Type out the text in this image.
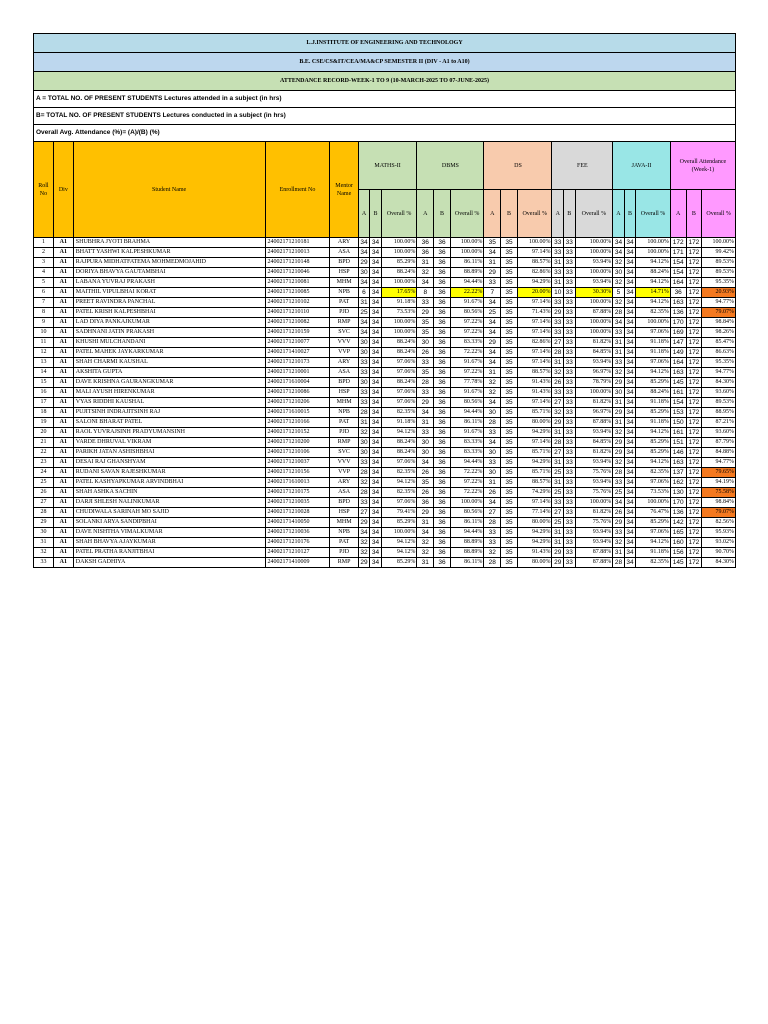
L.J.INSTITUTE OF ENGINEERING AND TECHNOLOGY
B.E. CSE/CS&IT/CEA/MA&CP SEMESTER II (DIV - A1 to A10)
ATTENDANCE RECORD-WEEK-1 TO 9 (10-MARCH-2025 TO 07-JUNE-2025)
A = TOTAL NO. OF PRESENT STUDENTS Lectures attended in a subject (in hrs)
B= TOTAL NO. OF PRESENT STUDENTS Lectures conducted in a subject (in hrs)
Overall Avg. Attendance (%)= (A)/(B) (%)
Roll No	Div	Student Name	Enrollment No	Mentor Name	MATHS-II			DBMS			DS			FEE			JAVA-II			Overall Attendance (Week-1)		
					A	B	Overall %	A	B	Overall %	A	B	Overall %	A	B	Overall %	A	B	Overall %	A	B	Overall %
1	A1	SHUBHRA JYOTI BRAHMA	24002171210181	ARY	34	34	100.00%	36	36	100.00%	35	35	100.00%	33	33	100.00%	34	34	100.00%	172	172	100.00%
2	A1	BHATT YASHWI KALPESHKUMAR	24002171210013	ASA	34	34	100.00%	36	36	100.00%	34	35	97.14%	33	33	100.00%	34	34	100.00%	171	172	99.42%
3	A1	RAJPURA MIDHATFATEMA MOHMEDMOJAHID	24002171210148	BPD	29	34	85.29%	31	36	86.11%	31	35	88.57%	31	33	93.94%	32	34	94.12%	154	172	89.53%
4	A1	DORIYA BHAVYA GAUTAMBHAI	24002171210046	HSP	30	34	88.24%	32	36	88.89%	29	35	82.86%	33	33	100.00%	30	34	88.24%	154	172	89.53%
5	A1	LABANA YUVRAJ PRAKASH	24002171210081	MHM	34	34	100.00%	34	36	94.44%	33	35	94.29%	31	33	93.94%	32	34	94.12%	164	172	95.35%
6	A1	MAITHIL VIPULBHAI KORAT	24002171210085	NPB	6	34	17.65%	8	36	22.22%	7	35	20.00%	10	33	30.30%	5	34	14.71%	36	172	20.93%
7	A1	PREET RAVINDRA PANCHAL	24002171210102	PAT	31	34	91.18%	33	36	91.67%	34	35	97.14%	33	33	100.00%	32	34	94.12%	163	172	94.77%
8	A1	PATEL KRISH KALPESHBHAI	24002171210110	PJD	25	34	73.53%	29	36	80.56%	25	35	71.43%	29	33	87.88%	28	34	82.35%	136	172	79.07%
9	A1	LAD DIYA PANKAJKUMAR	24002171210082	RMP	34	34	100.00%	35	36	97.22%	34	35	97.14%	33	33	100.00%	34	34	100.00%	170	172	98.84%
10	A1	SADHNANI JATIN PRAKASH	24002171210159	SVC	34	34	100.00%	35	36	97.22%	34	35	97.14%	33	33	100.00%	33	34	97.06%	169	172	98.26%
11	A1	KHUSHI MULCHANDANI	24002171210077	VVV	30	34	88.24%	30	36	83.33%	29	35	82.86%	27	33	81.82%	31	34	91.18%	147	172	85.47%
12	A1	PATEL MAHEK JAYKARKUMAR	24002171410027	VVP	30	34	88.24%	26	36	72.22%	34	35	97.14%	28	33	84.85%	31	34	91.18%	149	172	86.63%
13	A1	SHAH CHARMI KAUSHAL	24002171210173	ARY	33	34	97.06%	33	36	91.67%	34	35	97.14%	31	33	93.94%	33	34	97.06%	164	172	95.35%
14	A1	AKSHITA GUPTA	24002171210001	ASA	33	34	97.06%	35	36	97.22%	31	35	88.57%	32	33	96.97%	32	34	94.12%	163	172	94.77%
15	A1	DAVE KRISHNA GAURANGKUMAR	24002171610004	BPD	30	34	88.24%	28	36	77.78%	32	35	91.43%	26	33	78.79%	29	34	85.29%	145	172	84.30%
16	A1	MALI AYUSH HIRENKUMAR	24002171210086	HSP	33	34	97.06%	33	36	91.67%	32	35	91.43%	33	33	100.00%	30	34	88.24%	161	172	93.60%
17	A1	VYAS RIDDHI KAUSHAL	24002171210206	MHM	33	34	97.06%	29	36	80.56%	34	35	97.14%	27	33	81.82%	31	34	91.18%	154	172	89.53%
18	A1	PUJITSINH INDRAJITSINH RAJ	24002171610015	NPB	28	34	82.35%	34	36	94.44%	30	35	85.71%	32	33	96.97%	29	34	85.29%	153	172	88.95%
19	A1	SALONI BHARAT PATEL	24002171210166	PAT	31	34	91.18%	31	36	86.11%	28	35	80.00%	29	33	87.88%	31	34	91.18%	150	172	87.21%
20	A1	RAOL YUVRAJSINH PRADYUMANSINH	24002171210152	PJD	32	34	94.12%	33	36	91.67%	33	35	94.29%	31	33	93.94%	32	34	94.12%	161	172	93.60%
21	A1	VARDE DHRUVAL VIKRAM	24002171210200	RMP	30	34	88.24%	30	36	83.33%	34	35	97.14%	28	33	84.85%	29	34	85.29%	151	172	87.79%
22	A1	PARIKH JATAN ASHISHBHAI	24002171210106	SVC	30	34	88.24%	30	36	83.33%	30	35	85.71%	27	33	81.82%	29	34	85.29%	146	172	84.88%
23	A1	DESAI RAJ GHANSHYAM	24002171210037	VVV	33	34	97.06%	34	36	94.44%	33	35	94.29%	31	33	93.94%	32	34	94.12%	163	172	94.77%
24	A1	RUDANI SAVAN RAJESHKUMAR	24002171210156	VVP	28	34	82.35%	26	36	72.22%	30	35	85.71%	25	33	75.76%	28	34	82.35%	137	172	79.65%
25	A1	PATEL KASHYAPKUMAR ARVINDBHAI	24002171610013	ARY	32	34	94.12%	35	36	97.22%	31	35	88.57%	31	33	93.94%	33	34	97.06%	162	172	94.19%
26	A1	SHAH ASHKA SACHIN	24002171210175	ASA	28	34	82.35%	26	36	72.22%	26	35	74.29%	25	33	75.76%	25	34	73.53%	130	172	75.58%
27	A1	DARJI SHLESH NALINKUMAR	24002171210035	BPD	33	34	97.06%	36	36	100.00%	34	35	97.14%	33	33	100.00%	34	34	100.00%	170	172	98.84%
28	A1	CHUDIWALA SARINAH MO SAJID	24002171210028	HSP	27	34	79.41%	29	36	80.56%	27	35	77.14%	27	33	81.82%	26	34	76.47%	136	172	79.07%
29	A1	SOLANKI ARYA SANDIPBHAI	24002171410050	MHM	29	34	85.29%	31	36	86.11%	28	35	80.00%	25	33	75.76%	29	34	85.29%	142	172	82.56%
30	A1	DAVE NISHTHA VIMALKUMAR	24002171210036	NPB	34	34	100.00%	34	36	94.44%	33	35	94.29%	31	33	93.94%	33	34	97.06%	165	172	95.93%
31	A1	SHAH BHAVYA AJAYKUMAR	24002171210176	PAT	32	34	94.12%	32	36	88.89%	33	35	94.29%	31	33	93.94%	32	34	94.12%	160	172	93.02%
32	A1	PATEL PRATHA RANJITBHAI	24002171210127	PJD	32	34	94.12%	32	36	88.89%	32	35	91.43%	29	33	87.88%	31	34	91.18%	156	172	90.70%
33	A1	DAKSH GADHIYA	24002171410009	RMP	29	34	85.29%	31	36	86.11%	28	35	80.00%	29	33	87.88%	28	34	82.35%	145	172	84.30%
